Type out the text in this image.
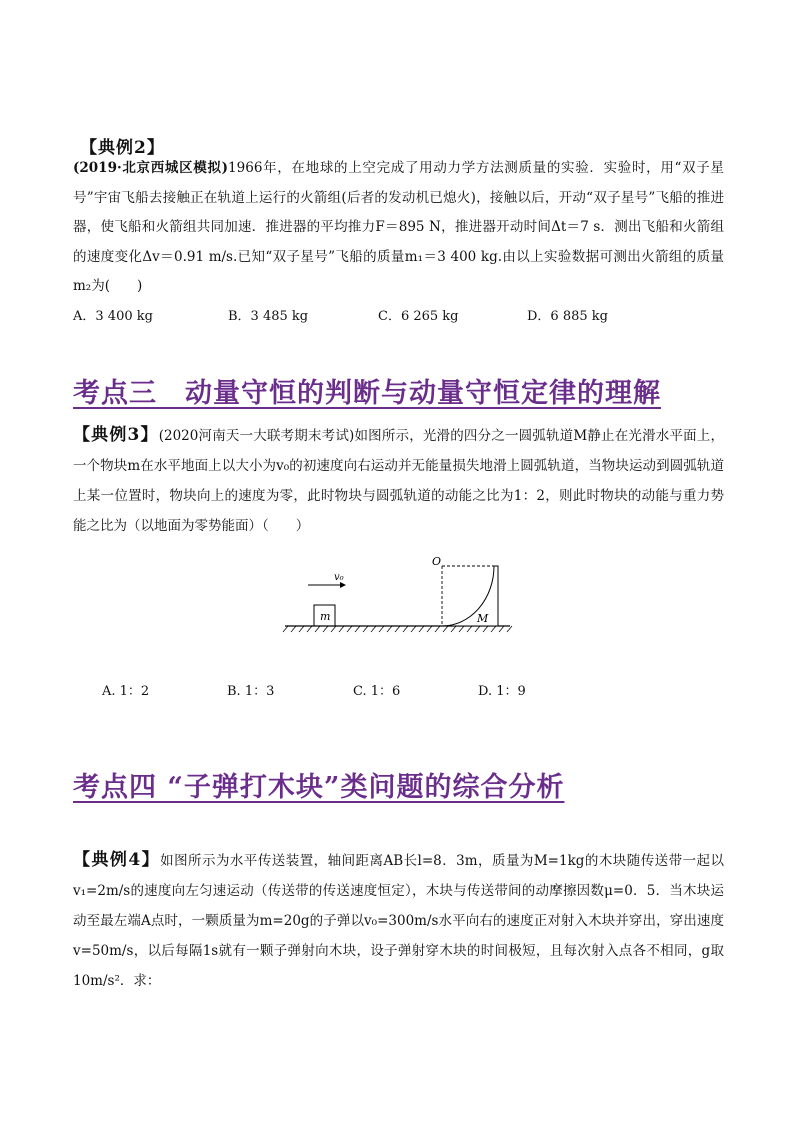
【典例2】
(2019·北京西城区模拟)1966年，在地球的上空完成了用动力学方法测质量的实验．实验时，用“双子星号”宇宙飞船去接触正在轨道上运行的火箭组(后者的发动机已熄火)，接触以后，开动“双子星号”飞船的推进器，使飞船和火箭组共同加速．推进器的平均推力F＝895 N，推进器开动时间Δt＝7 s．测出飞船和火箭组的速度变化Δv＝0.91 m/s.已知“双子星号”飞船的质量m₁＝3 400 kg.由以上实验数据可测出火箭组的质量m₂为(　　)
A．3 400 kg	B．3 485 kg	C．6 265 kg	D．6 885 kg
考点三　动量守恒的判断与动量守恒定律的理解
【典例3】(2020河南天一大联考期末考试)如图所示，光滑的四分之一圆弧轨道M静止在光滑水平面上，一个物块m在水平地面上以大小为v₀的初速度向右运动并无能量损失地滑上圆弧轨道，当物块运动到圆弧轨道上某一位置时，物块向上的速度为零，此时物块与圆弧轨道的动能之比为1：2，则此时物块的动能与重力势能之比为（以地面为零势能面）（　　）
v₀
m
O
M
A. 1：2	B. 1：3	C. 1：6	D. 1：9
考点四 “子弹打木块”类问题的综合分析
【典例4】如图所示为水平传送装置，轴间距离AB长l=8．3m，质量为M=1kg的木块随传送带一起以v₁=2m/s的速度向左匀速运动（传送带的传送速度恒定），木块与传送带间的动摩擦因数μ=0．5．当木块运动至最左端A点时，一颗质量为m=20g的子弹以v₀=300m/s水平向右的速度正对射入木块并穿出，穿出速度v=50m/s，以后每隔1s就有一颗子弹射向木块，设子弹射穿木块的时间极短，且每次射入点各不相同，g取10m/s²．求：
